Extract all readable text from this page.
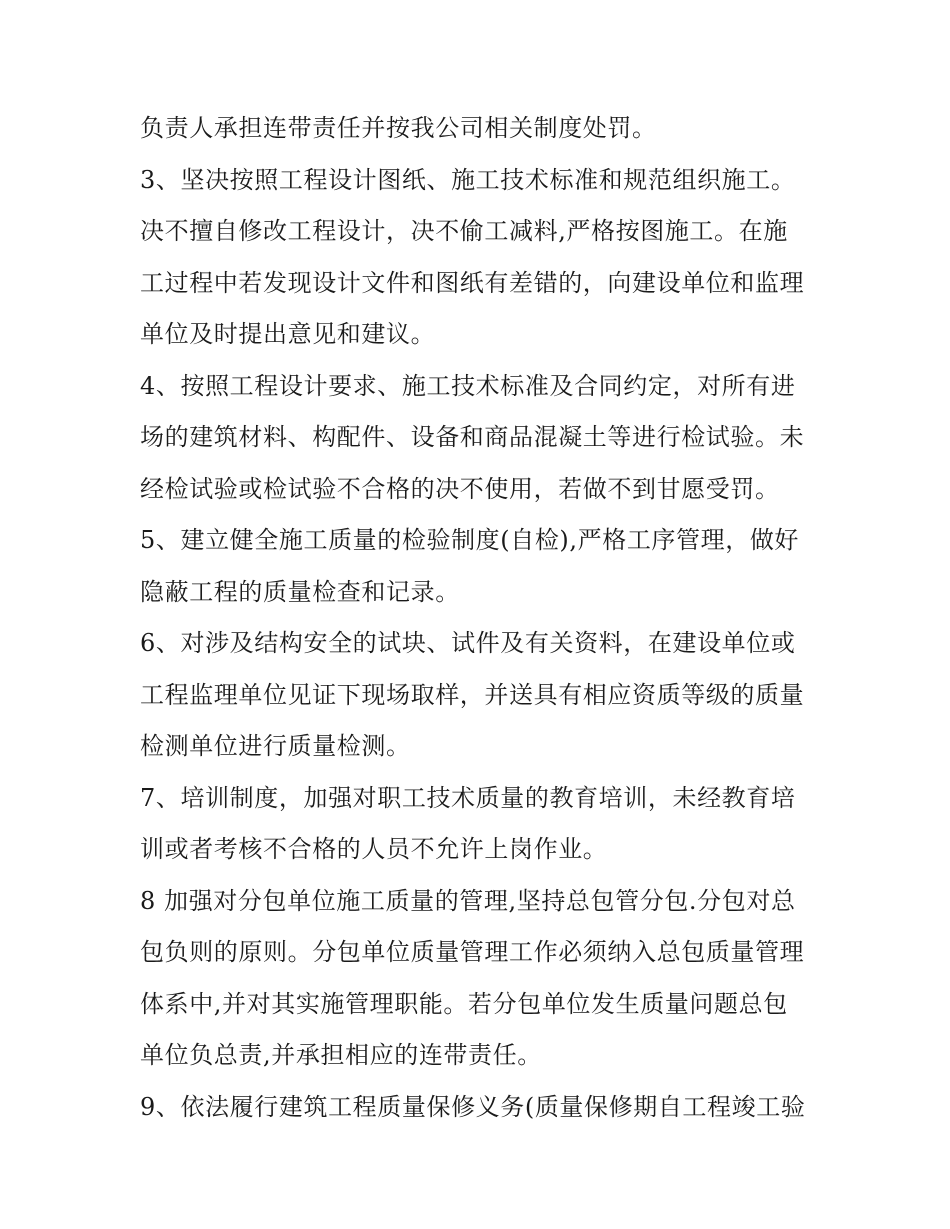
负责人承担连带责任并按我公司相关制度处罚。
3、坚决按照工程设计图纸、施工技术标准和规范组织施工。
决不擅自修改工程设计，决不偷工减料,严格按图施工。在施
工过程中若发现设计文件和图纸有差错的，向建设单位和监理
单位及时提出意见和建议。
4、按照工程设计要求、施工技术标准及合同约定，对所有进
场的建筑材料、构配件、设备和商品混凝土等进行检试验。未
经检试验或检试验不合格的决不使用，若做不到甘愿受罚。
5、建立健全施工质量的检验制度(自检),严格工序管理，做好
隐蔽工程的质量检查和记录。
6、对涉及结构安全的试块、试件及有关资料，在建设单位或
工程监理单位见证下现场取样，并送具有相应资质等级的质量
检测单位进行质量检测。
7、培训制度，加强对职工技术质量的教育培训，未经教育培
训或者考核不合格的人员不允许上岗作业。
8 加强对分包单位施工质量的管理,坚持总包管分包.分包对总
包负则的原则。分包单位质量管理工作必须纳入总包质量管理
体系中,并对其实施管理职能。若分包单位发生质量问题总包
单位负总责,并承担相应的连带责任。
9、依法履行建筑工程质量保修义务(质量保修期自工程竣工验
